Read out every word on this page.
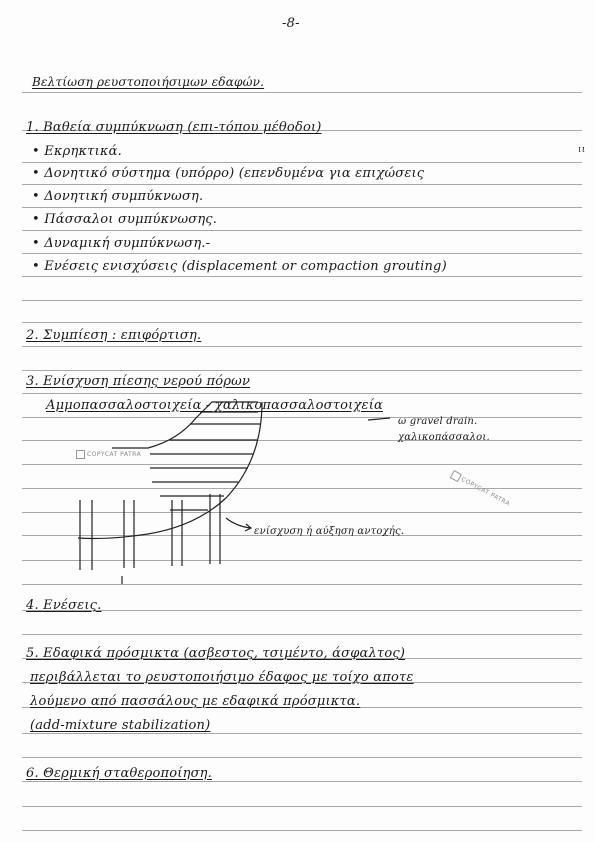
-8-
Βελτίωση ρευστοποιήσιμων εδαφών.
1. Βαθεία συμπύκνωση (επι-τόπου μέθοδοι)
ιι
• Εκρηκτικά.
• Δονητικό σύστημα (υπόρρο) (επενδυμένα για επιχώσεις
• Δονητική συμπύκνωση.
• Πάσσαλοι συμπύκνωσης.
• Δυναμική συμπύκνωση.-
• Ενέσεις ενισχύσεις (displacement or compaction grouting)
2. Συμπίεση : επιφόρτιση.
3. Ενίσχυση πίεσης νερού πόρων
Αμμοπασσαλοστοιχεία - χαλικοπασσαλοστοιχεία
ω gravel drain.
χαλικοπάσσαλοι.
ενίσχυση ή αύξηση αντοχής.
4. Ενέσεις.
5. Εδαφικά πρόσμικτα (ασβεστος, τσιμέντο, άσφαλτος)
περιβάλλεται το ρευστοποιήσιμο έδαφος με τοίχο αποτε
λούμενο από πασσάλους με εδαφικά πρόσμικτα.
(add-mixture stabilization)
6. Θερμική σταθεροποίηση.
COPYCAT PATRA
COPYCAT PATRA
